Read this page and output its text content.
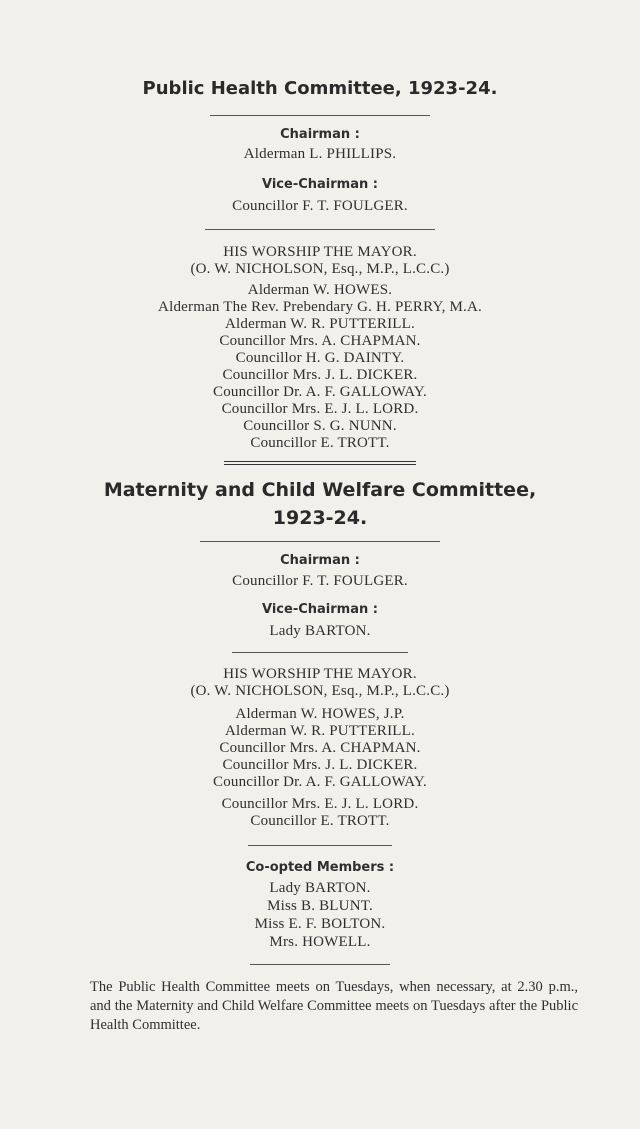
Public Health Committee, 1923-24.
Chairman :
Alderman L. PHILLIPS.
Vice-Chairman :
Councillor F. T. FOULGER.
HIS WORSHIP THE MAYOR.
(O. W. NICHOLSON, Esq., M.P., L.C.C.)
Alderman W. HOWES.
Alderman The Rev. Prebendary G. H. PERRY, M.A.
Alderman W. R. PUTTERILL.
Councillor Mrs. A. CHAPMAN.
Councillor H. G. DAINTY.
Councillor Mrs. J. L. DICKER.
Councillor Dr. A. F. GALLOWAY.
Councillor Mrs. E. J. L. LORD.
Councillor S. G. NUNN.
Councillor E. TROTT.
Maternity and Child Welfare Committee,
1923-24.
Chairman :
Councillor F. T. FOULGER.
Vice-Chairman :
Lady BARTON.
HIS WORSHIP THE MAYOR.
(O. W. NICHOLSON, Esq., M.P., L.C.C.)
Alderman W. HOWES, J.P.
Alderman W. R. PUTTERILL.
Councillor Mrs. A. CHAPMAN.
Councillor Mrs. J. L. DICKER.
Councillor Dr. A. F. GALLOWAY.
Councillor Mrs. E. J. L. LORD.
Councillor E. TROTT.
Co-opted Members :
Lady BARTON.
Miss B. BLUNT.
Miss E. F. BOLTON.
Mrs. HOWELL.
The Public Health Committee meets on Tuesdays, when necessary, at 2.30 p.m., and the Maternity and Child Welfare Committee meets on Tuesdays after the Public Health Committee.
